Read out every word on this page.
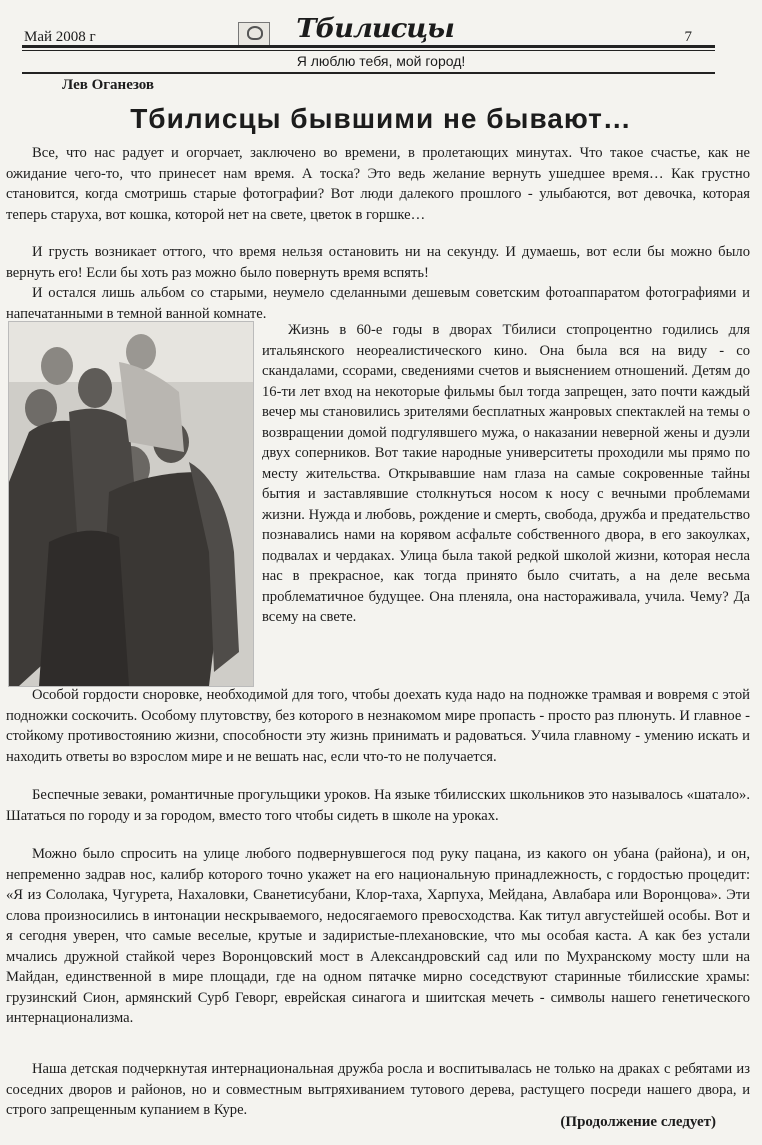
Май 2008 г	Тбилисцы	7
Я люблю тебя, мой город!
Лев Оганезов
Тбилисцы бывшими не бывают…

Все, что нас радует и огорчает, заключено во времени, в пролетающих минутах. Что такое счастье, как не ожидание чего-то, что принесет нам время. А тоска? Это ведь желание вернуть ушедшее время… Как грустно становится, когда смотришь старые фотографии? Вот люди далекого прошлого - улыбаются, вот девочка, которая теперь старуха, вот кошка, которой нет на свете, цветок в горшке…

И грусть возникает оттого, что время нельзя остановить ни на секунду. И думаешь, вот если бы можно было вернуть его! Если бы хоть раз можно было повернуть время вспять!

И остался лишь альбом со старыми, неумело сделанными дешевым советским фотоаппаратом фотографиями и напечатанными в темной ванной комнате.

Жизнь в 60-е годы в дворах Тбилиси стопроцентно годились для итальянского неореалистического кино. Она была вся на виду - со скандалами, ссорами, сведениями счетов и выяснением отношений. Детям до 16-ти лет вход на некоторые фильмы был тогда запрещен, зато почти каждый вечер мы становились зрителями бесплатных жанровых спектаклей на темы о возвращении домой подгулявшего мужа, о наказании неверной жены и дуэли двух соперников. Вот такие народные университеты проходили мы прямо по месту жительства. Открывавшие нам глаза на самые сокровенные тайны бытия и заставлявшие столкнуться носом к носу с вечными проблемами жизни. Нужда и любовь, рождение и смерть, свобода, дружба и предательство познавались нами на корявом асфальте собственного двора, в его закоулках, подвалах и чердаках. Улица была такой редкой школой жизни, которая несла нас в прекрасное, как тогда принято было считать, а на деле весьма проблематичное будущее. Она пленяла, она настораживала, учила. Чему? Да всему на свете.

Особой гордости сноровке, необходимой для того, чтобы доехать куда надо на подножке трамвая и вовремя с этой подножки соскочить. Особому плутовству, без которого в незнакомом мире пропасть - просто раз плюнуть. И главное - стойкому противостоянию жизни, способности эту жизнь принимать и радоваться. Учила главному - умению искать и находить ответы во взрослом мире и не вешать нас, если что-то не получается.

Беспечные зеваки, романтичные прогульщики уроков. На языке тбилисских школьников это называлось «шатало». Шататься по городу и за городом, вместо того чтобы сидеть в школе на уроках.

Можно было спросить на улице любого подвернувшегося под руку пацана, из какого он убана (района), и он, непременно задрав нос, калибр которого точно укажет на его национальную принадлежность, с гордостью процедит: «Я из Сололака, Чугурета, Нахаловки, Сванетисубани, Клор-таха, Харпуха, Мейдана, Авлабара или Воронцова». Эти слова произносились в интонации нескрываемого, недосягаемого превосходства. Как титул августейшей особы. Вот и я сегодня уверен, что самые веселые, крутые и задиристые-плехановские, что мы особая каста. А как без устали мчались дружной стайкой через Воронцовский мост в Александровский сад или по Мухранскому мосту шли на Майдан, единственной в мире площади, где на одном пятачке мирно соседствуют старинные тбилисские храмы: грузинский Сион, армянский Сурб Геворг, еврейская синагога и шиитская мечеть - символы нашего генетического интернационализма.

Наша детская подчеркнутая интернациональная дружба росла и воспитывалась не только на драках с ребятами из соседних дворов и районов, но и совместным вытряхиванием тутового дерева, растущего посреди нашего двора, и строго запрещенным купанием в Куре.

(Продолжение следует)
